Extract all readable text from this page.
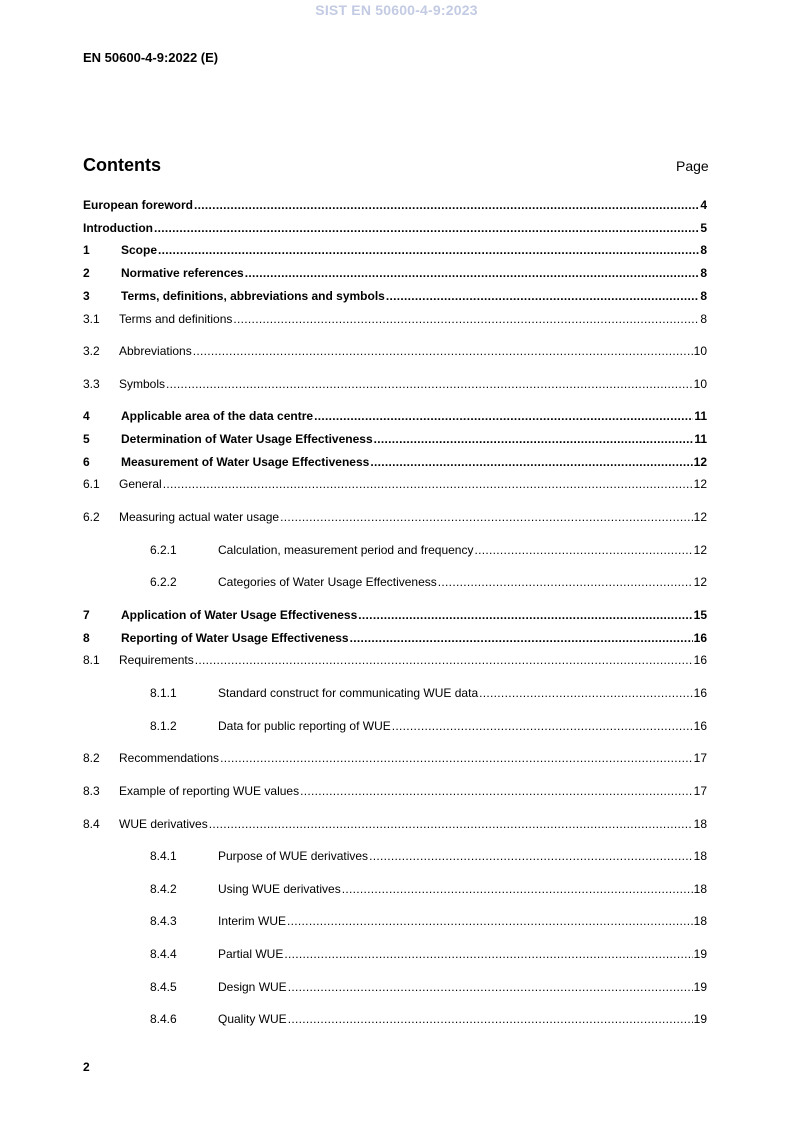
SIST EN 50600-4-9:2023
EN 50600-4-9:2022 (E)
Contents	Page
European foreword .....	4
Introduction .....	5
1	Scope .....	8
2	Normative references .....	8
3	Terms, definitions, abbreviations and symbols .....	8
3.1	Terms and definitions .....	8
3.2	Abbreviations .....	10
3.3	Symbols .....	10
4	Applicable area of the data centre .....	11
5	Determination of Water Usage Effectiveness .....	11
6	Measurement of Water Usage Effectiveness .....	12
6.1	General .....	12
6.2	Measuring actual water usage .....	12
6.2.1	Calculation, measurement period and frequency .....	12
6.2.2	Categories of Water Usage Effectiveness .....	12
7	Application of Water Usage Effectiveness .....	15
8	Reporting of Water Usage Effectiveness .....	16
8.1	Requirements .....	16
8.1.1	Standard construct for communicating WUE data .....	16
8.1.2	Data for public reporting of WUE .....	16
8.2	Recommendations .....	17
8.3	Example of reporting WUE values .....	17
8.4	WUE derivatives .....	18
8.4.1	Purpose of WUE derivatives .....	18
8.4.2	Using WUE derivatives .....	18
8.4.3	Interim WUE .....	18
8.4.4	Partial WUE .....	19
8.4.5	Design WUE .....	19
8.4.6	Quality WUE .....	19
2
